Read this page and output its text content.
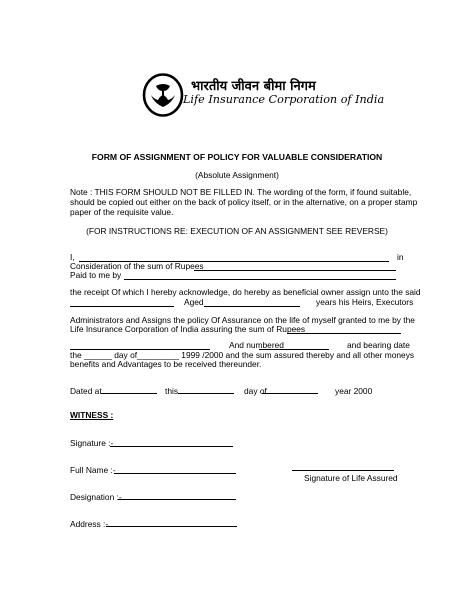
भारतीय जीवन बीमा निगम
Life Insurance Corporation of India
FORM OF ASSIGNMENT OF POLICY FOR VALUABLE CONSIDERATION
(Absolute Assignment)
Note : THIS FORM SHOULD NOT BE FILLED IN. The wording of the form, if found suitable,
should be copied out either on the back of policy itself, or in the alternative, on a proper stamp
paper of the requisite value.
(FOR INSTRUCTIONS RE: EXECUTION OF AN ASSIGNMENT SEE REVERSE)
I,	in
Consideration of the sum of Rupees
Paid to me by
the receipt Of which I hereby acknowledge, do hereby as beneficial owner assign unto the said
Aged	years his Heirs, Executors
Administrators and Assigns the policy Of Assurance on the life of myself granted to me by the
Life Insurance Corporation of India assuring the sum of Rupees
And numbered	and bearing date
the ______ day of_________ 1999 /2000 and the sum assured thereby and all other moneys
benefits and Advantages to be received thereunder.
Dated at	this	day of	year 2000
WITNESS :
Signature :-
Full Name :-
Signature of Life Assured
Designation :-
Address :-
